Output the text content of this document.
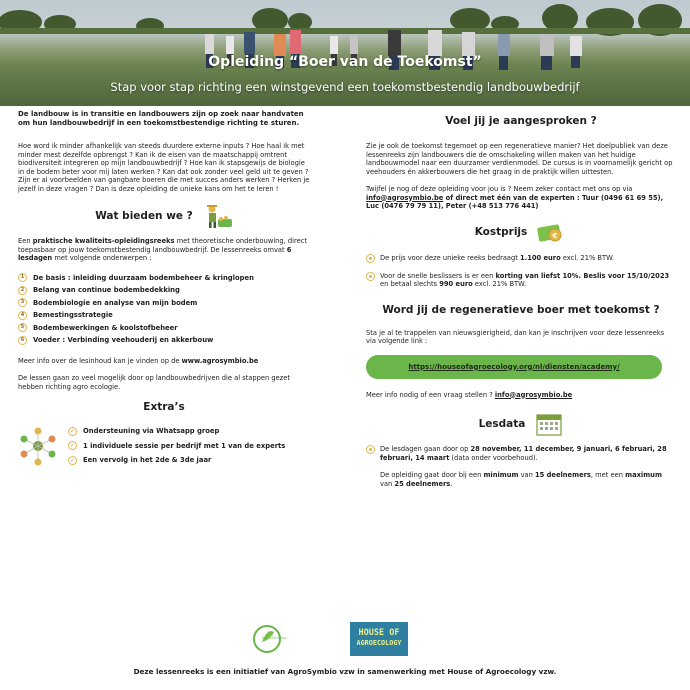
Opleiding “Boer van de Toekomst”
Stap voor stap richting een winstgevend een toekomstbestendig landbouwbedrijf
De landbouw is in transitie en landbouwers zijn op zoek naar handvaten om hun landbouwbedrijf in een toekomstbestendige richting te sturen.
Hoe word ik minder afhankelijk van steeds duurdere externe inputs ? Hoe haal ik met minder mest dezelfde opbrengst ? Kan ik de eisen van de maatschappij omtrent biodiversiteit integreren op mijn landbouwbedrijf ? Hoe kan ik stapsgewijs de biologie in de bodem beter voor mij laten werken ? Kan dat ook zonder veel geld uit te geven ? Zijn er al voorbeelden van gangbare boeren die met succes anders werken ? Herken je jezelf in deze vragen ? Dan is deze opleiding de unieke kans om het te leren !
Wat bieden we ?
Een praktische kwaliteits-opleidingsreeks met theoretische onderbouwing, direct toepasbaar op jouw toekomstbestendig landbouwbedrijf. De lessenreeks omvat 6 lesdagen met volgende onderwerpen :
1	De basis : inleiding duurzaam bodembeheer & kringlopen
2	Belang van continue bodembedekking
3	Bodembiologie en analyse van mijn bodem
4	Bemestingsstrategie
5	Bodembewerkingen & koolstofbeheer
6	Voeder : Verbinding veehouderij en akkerbouw
Meer info over de lesinhoud kan je vinden op de www.agrosymbio.be
De lessen gaan zo veel mogelijk door op landbouwbedrijven die al stappen gezet hebben richting agro ecologie.
Extra’s
✓ Ondersteuning via Whatsapp groep
✓ 1 individuele sessie per bedrijf met 1 van de experts
✓ Een vervolg in het 2de & 3de jaar
Voel jij je aangesproken ?
Zie je ook de toekomst tegemoet op een regeneratieve manier? Het doelpubliek van deze lessenreeks zijn landbouwers die de omschakeling willen maken van het huidige landbouwmodel naar een duurzamer verdienmodel. De cursus is in voornamelijk gericht op veehouders én akkerbouwers die het graag in de praktijk willen uittesten.
Twijfel je nog of deze opleiding voor jou is ? Neem zeker contact met ons op via info@agrosymbio.be of direct met één van de experten : Tuur (0496 61 69 55), Luc (0476 79 79 11), Peter (+48 513 776 441)
Kostprijs	€
De prijs voor deze unieke reeks bedraagt 1.100 euro excl. 21% BTW.
Voor de snelle beslissers is er een korting van liefst 10%. Beslis voor 15/10/2023 en betaal slechts 990 euro excl. 21% BTW.
Word jij de regeneratieve boer met toekomst ?
Sta je al te trappelen van nieuwsgierigheid, dan kan je inschrijven voor deze lessenreeks via volgende link :
https://houseofagroecology.org/nl/diensten/academy/
Meer info nodig of een vraag stellen ? info@agrosymbio.be
Lesdata
De lesdagen gaan door op 28 november, 11 december, 9 januari, 6 februari, 28 februari, 14 maart (data onder voorbehoud).
De opleiding gaat door bij een minimum van 15 deelnemers, met een maximum van 25 deelnemers.
AgroSymbio	HOUSE OF
AGROECOLOGY
Deze lessenreeks is een initiatief van AgroSymbio vzw in samenwerking met House of Agroecology vzw.
